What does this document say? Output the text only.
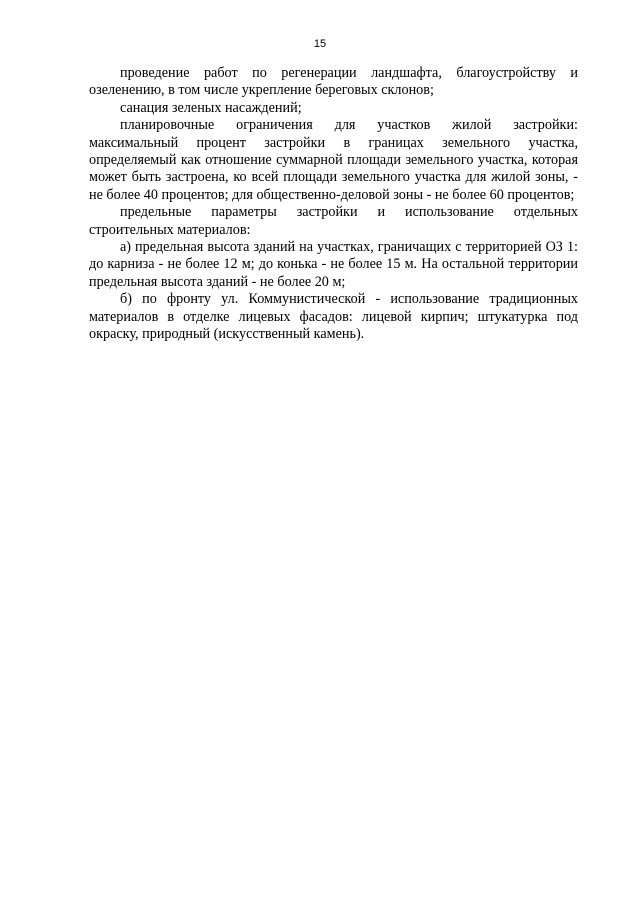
15

проведение работ по регенерации ландшафта, благоустройству и озеленению, в том числе укрепление береговых склонов;

санация зеленых насаждений;

планировочные ограничения для участков жилой застройки: максимальный процент застройки в границах земельного участка, определяемый как отношение суммарной площади земельного участка, которая может быть застроена, ко всей площади земельного участка для жилой зоны, - не более 40 процентов; для общественно-деловой зоны - не более 60 процентов;

предельные параметры застройки и использование отдельных строительных материалов:

а) предельная высота зданий на участках, граничащих с территорией ОЗ 1: до карниза - не более 12 м; до конька - не более 15 м. На остальной территории предельная высота зданий - не более 20 м;

б) по фронту ул. Коммунистической - использование традиционных материалов в отделке лицевых фасадов: лицевой кирпич; штукатурка под окраску, природный (искусственный камень).
